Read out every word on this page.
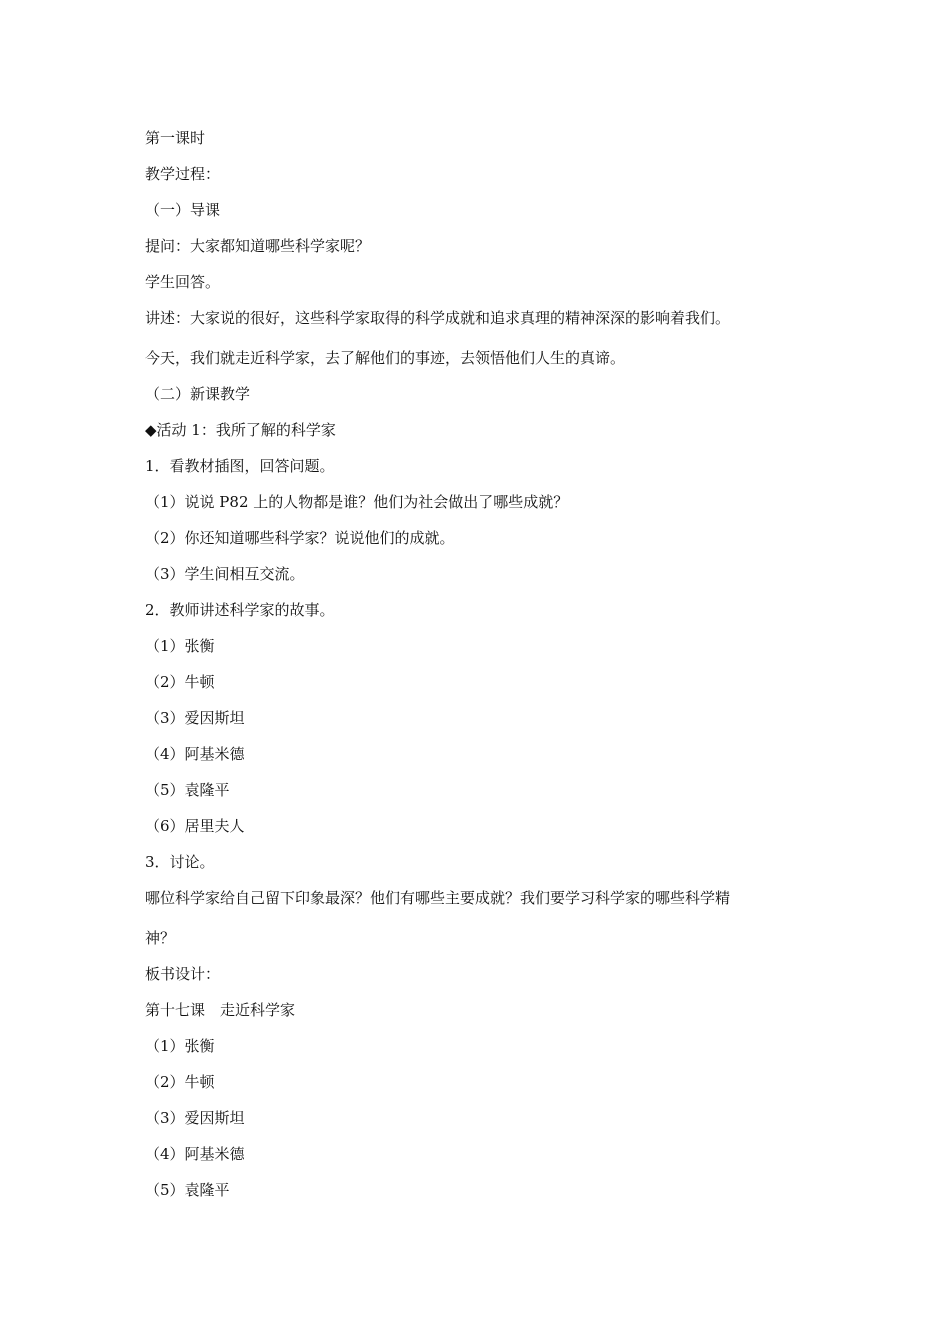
第一课时
教学过程：
（一）导课
提问：大家都知道哪些科学家呢？
学生回答。
讲述：大家说的很好，这些科学家取得的科学成就和追求真理的精神深深的影响着我们。
今天，我们就走近科学家，去了解他们的事迹，去领悟他们人生的真谛。
（二）新课教学
◆活动 1：我所了解的科学家
1．看教材插图，回答问题。
（1）说说 P82 上的人物都是谁？他们为社会做出了哪些成就？
（2）你还知道哪些科学家？说说他们的成就。
（3）学生间相互交流。
2．教师讲述科学家的故事。
（1）张衡
（2）牛顿
（3）爱因斯坦
（4）阿基米德
（5）袁隆平
（6）居里夫人
3．讨论。
哪位科学家给自己留下印象最深？他们有哪些主要成就？我们要学习科学家的哪些科学精
神？
板书设计：
第十七课　走近科学家
（1）张衡
（2）牛顿
（3）爱因斯坦
（4）阿基米德
（5）袁隆平
